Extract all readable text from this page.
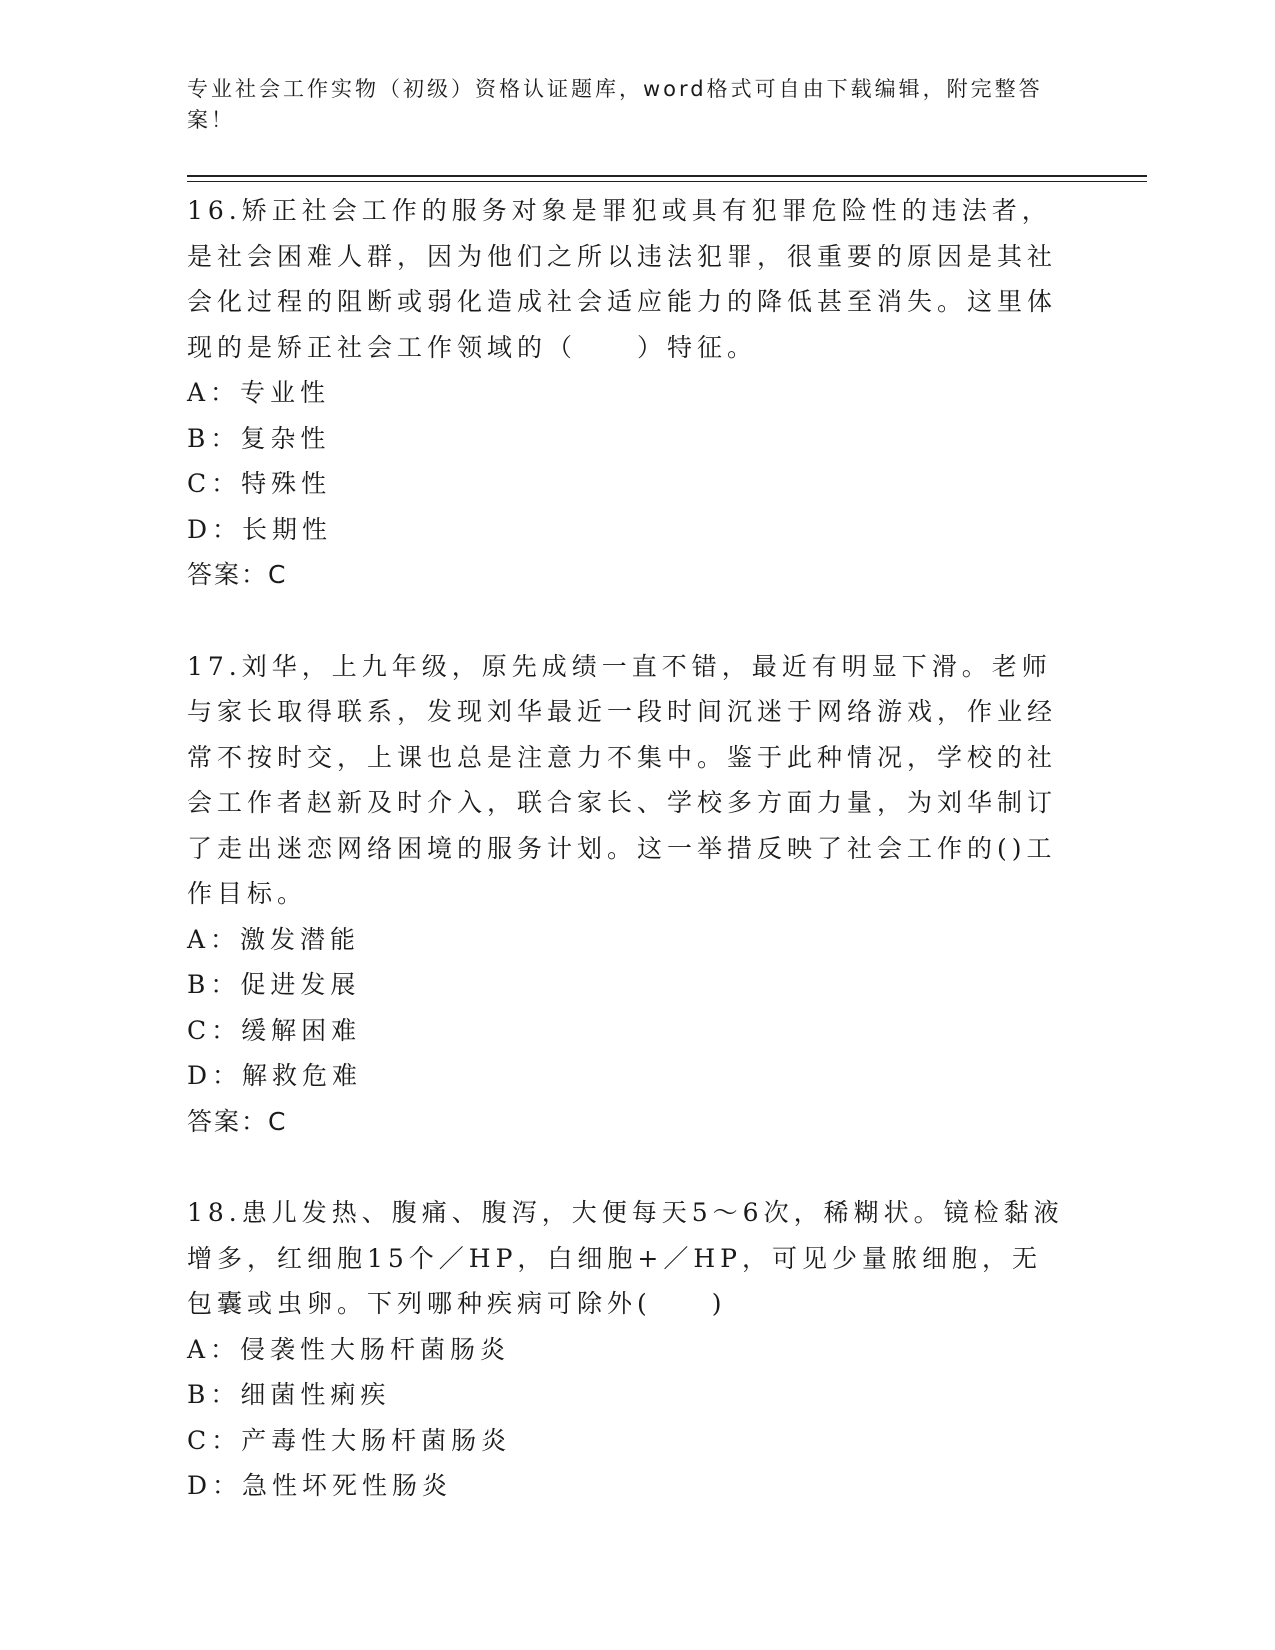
专业社会工作实物（初级）资格认证题库，word格式可自由下载编辑，附完整答案！

16.矫正社会工作的服务对象是罪犯或具有犯罪危险性的违法者，是社会困难人群，因为他们之所以违法犯罪，很重要的原因是其社会化过程的阻断或弱化造成社会适应能力的降低甚至消失。这里体现的是矫正社会工作领域的（　　）特征。

A：专业性
B：复杂性
C：特殊性
D：长期性
答案：C

17.刘华，上九年级，原先成绩一直不错，最近有明显下滑。老师与家长取得联系，发现刘华最近一段时间沉迷于网络游戏，作业经常不按时交，上课也总是注意力不集中。鉴于此种情况，学校的社会工作者赵新及时介入，联合家长、学校多方面力量，为刘华制订了走出迷恋网络困境的服务计划。这一举措反映了社会工作的()工作目标。

A：激发潜能
B：促进发展
C：缓解困难
D：解救危难
答案：C

18.患儿发热、腹痛、腹泻，大便每天5～6次，稀糊状。镜检黏液增多，红细胞15个／HP，白细胞+／HP，可见少量脓细胞，无包囊或虫卵。下列哪种疾病可除外(　　)

A：侵袭性大肠杆菌肠炎
B：细菌性痢疾
C：产毒性大肠杆菌肠炎
D：急性坏死性肠炎
